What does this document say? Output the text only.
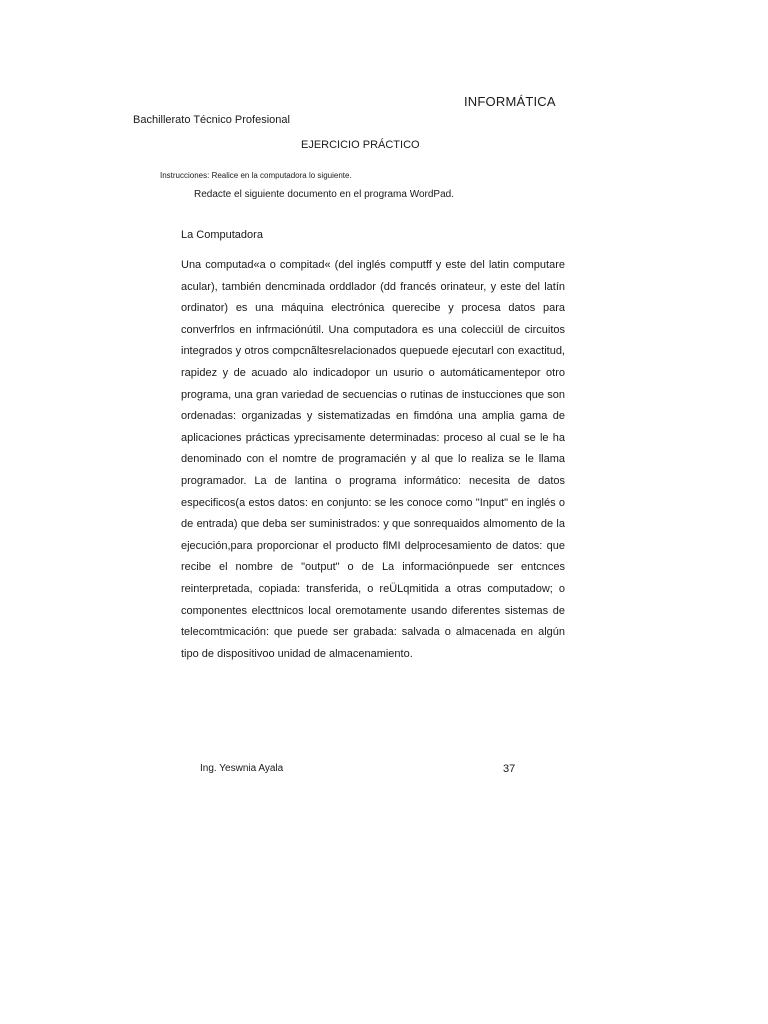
INFORMÁTICA
Bachillerato Técnico Profesional
EJERCICIO PRÁCTICO
Instrucciones: Realice en la computadora lo siguiente.
Redacte el siguiente documento en el programa WordPad.
La Computadora

Una computad«a o compitad« (del inglés computff y este del latin computare acular), también dencminada orddlador (dd francés orinateur, y este del latín ordinator) es una máquina electrónica querecibe y procesa datos para converfrlos en infrmaciónútil. Una computadora es una colecciül de circuitos integrados y otros compcnãltesrelacionados quepuede ejecutarl con exactitud, rapidez y de acuado alo indicadopor un usurio o automáticamentepor otro programa, una gran variedad de secuencias o rutinas de instucciones que son ordenadas: organizadas y sistematizadas en fimdóna una amplia gama de aplicaciones prácticas yprecisamente determinadas: proceso al cual se le ha denominado con el nomtre de programacién y al que lo realiza se le llama programador. La de lantina o programa informático: necesita de datos especificos(a estos datos: en conjunto: se les conoce como "Input" en inglés o de entrada) que deba ser suministrados: y que sonrequaidos almomento de la ejecución,para proporcionar el producto flMI delprocesamiento de datos: que recibe el nombre de "output" o de La informaciónpuede ser entcnces reinterpretada, copiada: transferida, o reÜLqmitida a otras computadow; o componentes electtnicos local oremotamente usando diferentes sistemas de telecomtmicación: que puede ser grabada: salvada o almacenada en algún tipo de dispositivoo unidad de almacenamiento.

Ing. Yeswnia Ayala	37
